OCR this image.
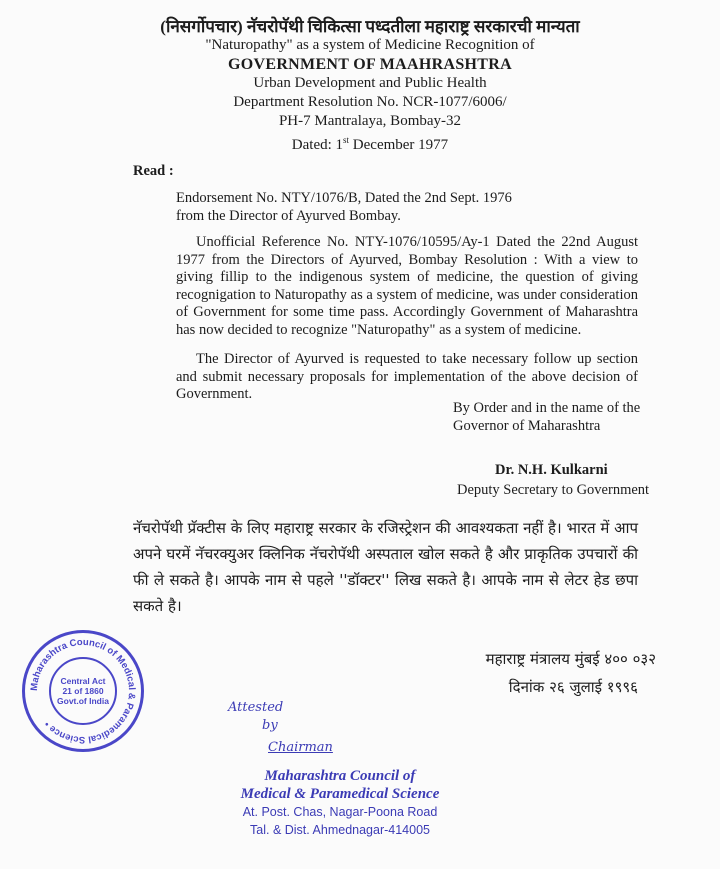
(निसर्गोपचार) नॅचरोपॅथी चिकित्सा पध्दतीला महाराष्ट्र सरकारची मान्यता
"Naturopathy" as a system of Medicine Recognition of
GOVERNMENT OF MAAHRASHTRA
Urban Development and Public Health
Department Resolution No. NCR-1077/6006/
PH-7 Mantralaya, Bombay-32
Dated: 1st December 1977
Read :
Endorsement No. NTY/1076/B, Dated the 2nd Sept. 1976
from the Director of Ayurved Bombay.
Unofficial Reference No. NTY-1076/10595/Ay-1 Dated the 22nd August 1977 from the Directors of Ayurved, Bombay Resolution : With a view to giving fillip to the indigenous system of medicine, the question of giving recognigation to Naturopathy as a system of medicine, was under consideration of Government for some time pass. Accordingly Government of Maharashtra has now decided to recognize "Naturopathy" as a system of medicine.
The Director of Ayurved is requested to take necessary follow up section and submit necessary proposals for implementation of the above decision of Government.
By Order and in the name of the
Governor of Maharashtra
Dr. N.H. Kulkarni
Deputy Secretary to Government
नॅचरोपॅथी प्रॅक्टीस के लिए महाराष्ट्र सरकार के रजिस्ट्रेशन की आवश्यकता नहीं है। भारत में आप अपने घरमें नॅचरक्युअर क्लिनिक नॅचरोपॅथी अस्पताल खोल सकते है और प्राकृतिक उपचारों की फी ले सकते है। आपके नाम से पहले ''डॉक्टर'' लिख सकते है। आपके नाम से लेटर हेड छपा सकते है।
महाराष्ट्र मंत्रालय मुंबई ४०० ०३२
दिनांक २६ जुलाई १९९६
Maharashtra Council of Medical & Paramedical Science •
Central Act
21 of 1860
Govt.of India	Attested
by
Chairman
Maharashtra Council of
Medical & Paramedical Science
At. Post. Chas, Nagar-Poona Road
Tal. & Dist. Ahmednagar-414005
